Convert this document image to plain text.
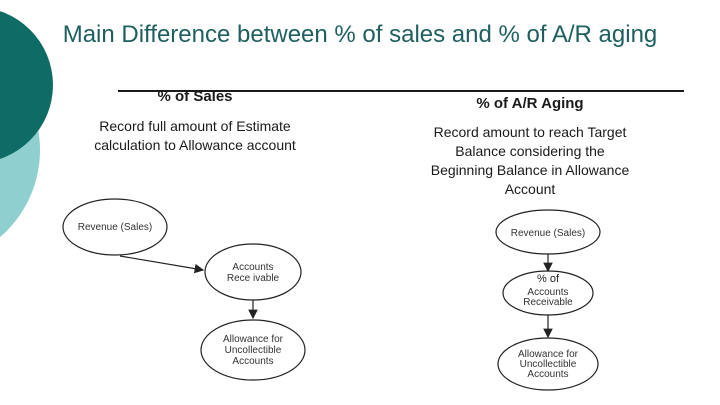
Main Difference between % of sales and % of A/R aging
% of Sales
Record full amount of Estimate calculation to Allowance account
% of A/R Aging
Record amount to reach Target Balance considering the Beginning Balance in Allowance Account
Revenue (Sales)
Accounts
Rece ivable
Allowance for
Uncollectible
Accounts
Revenue (Sales)
% of
Accounts
Receivable
Allowance for
Uncollectible
Accounts
